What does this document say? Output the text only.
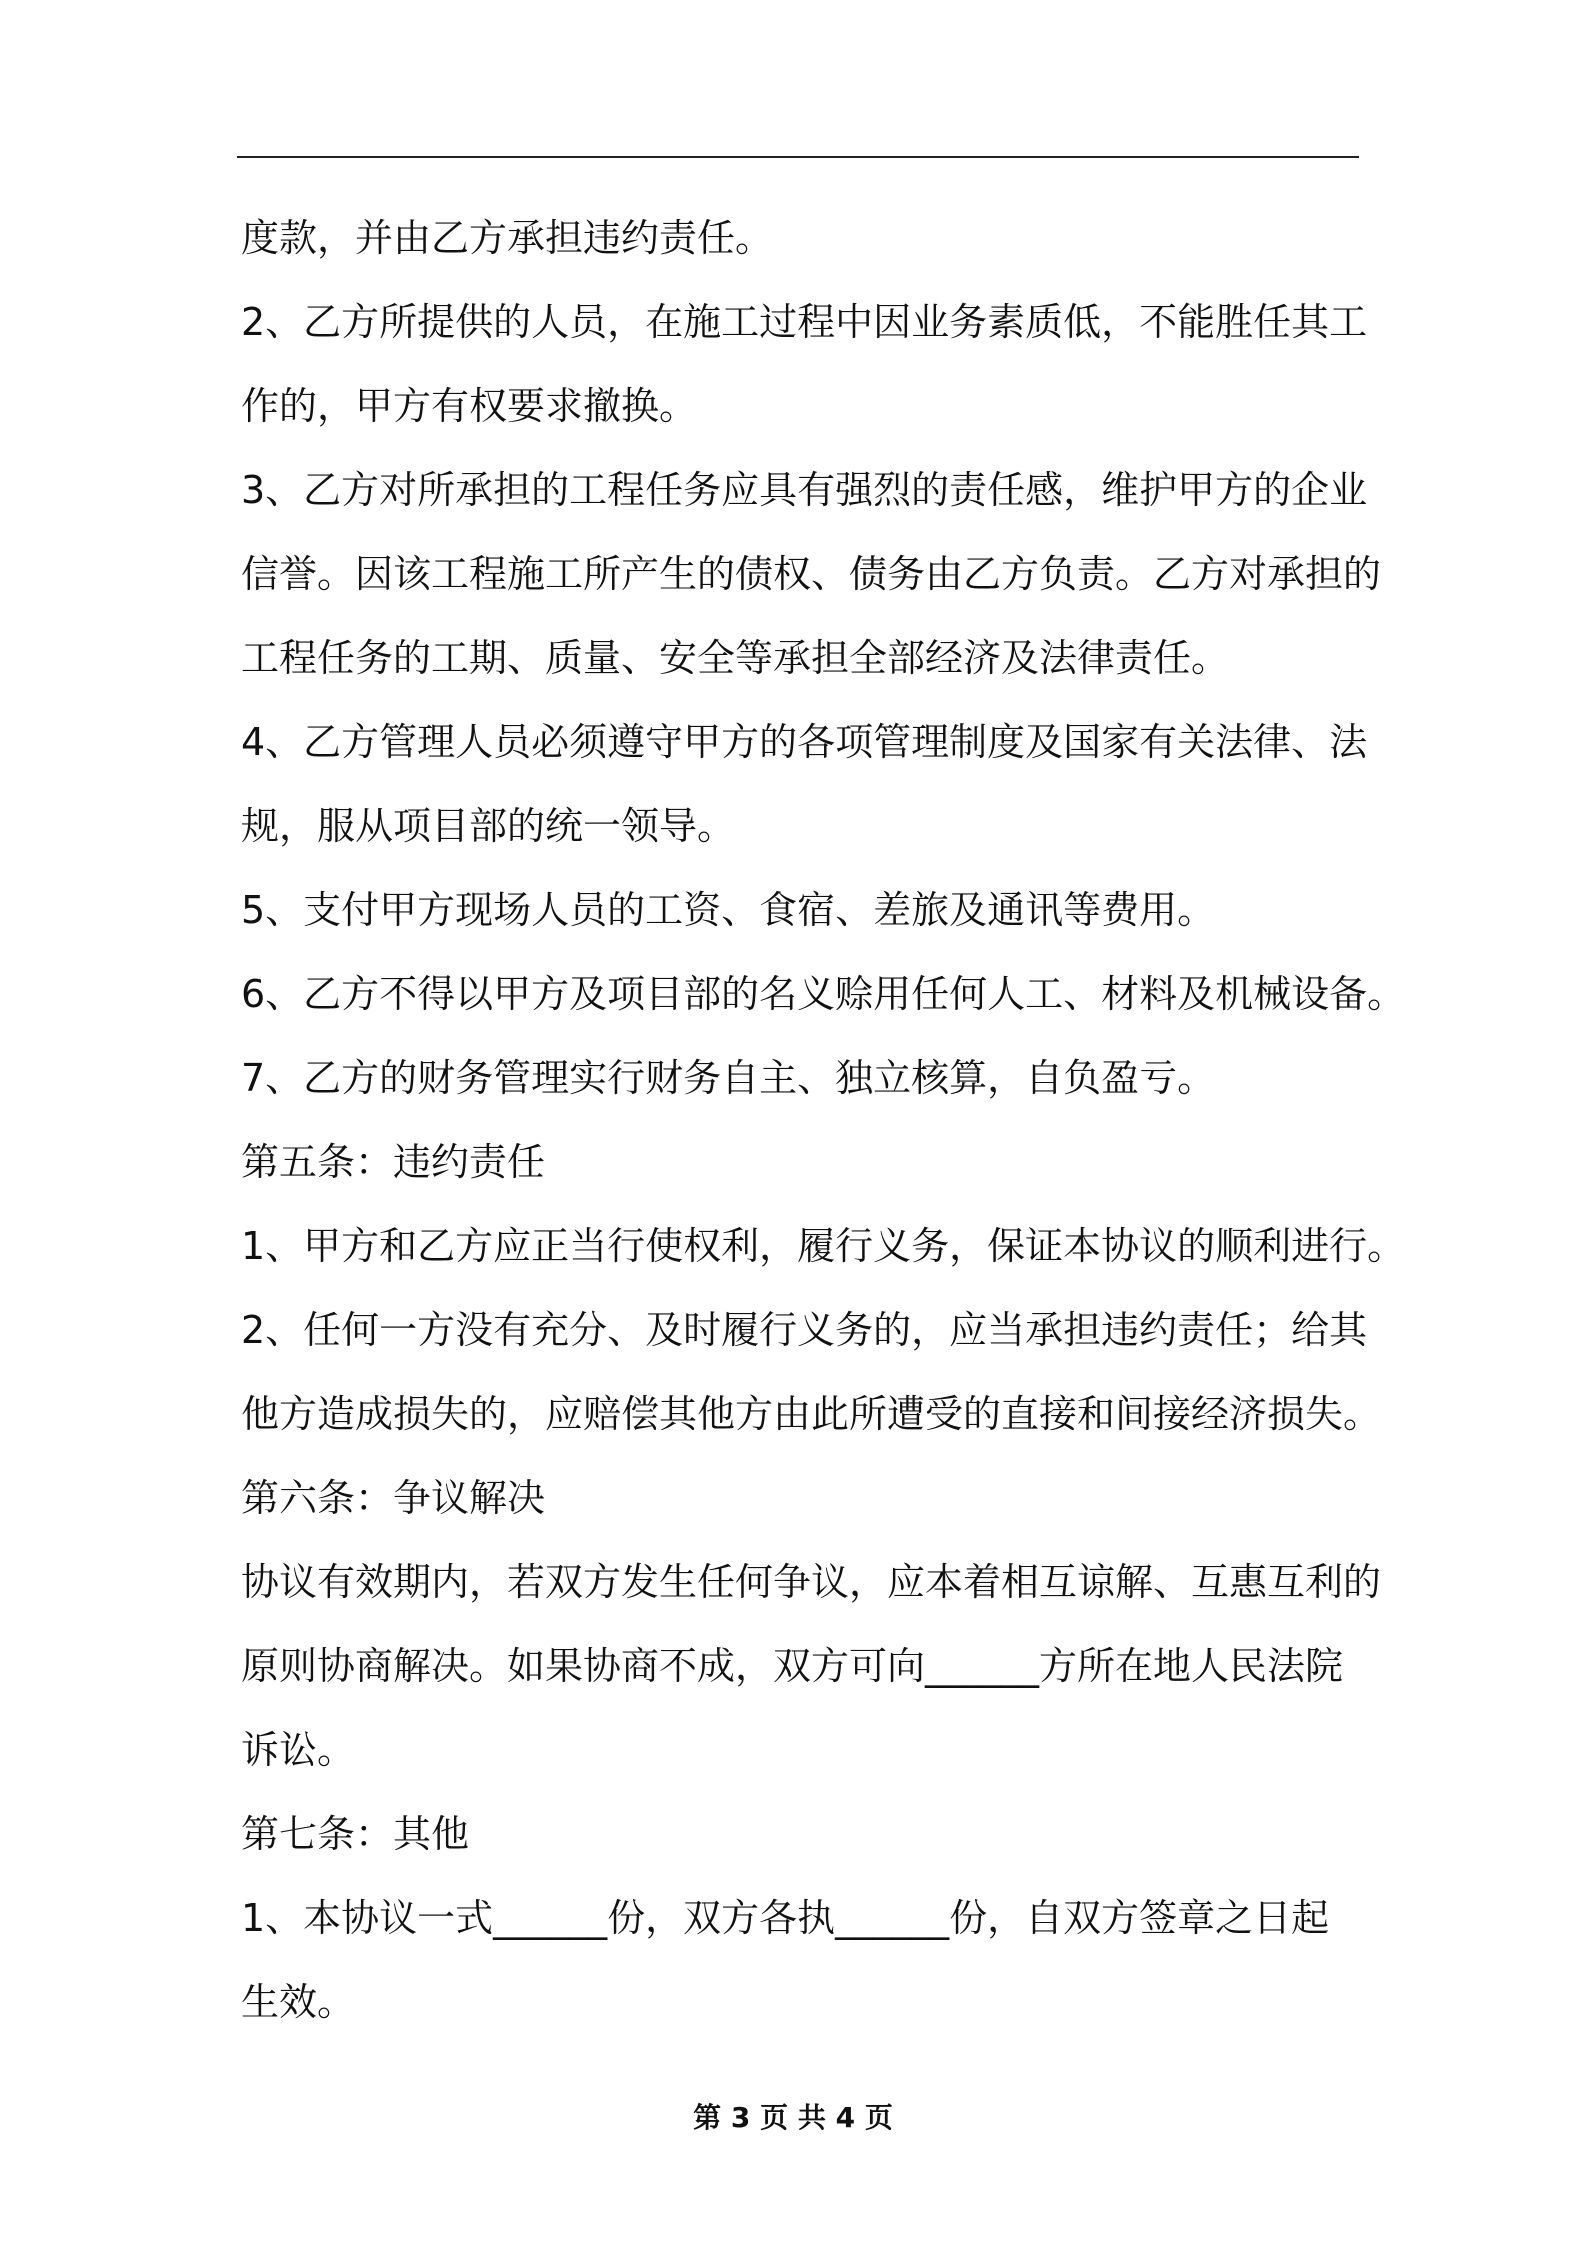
度款，并由乙方承担违约责任。
2、乙方所提供的人员，在施工过程中因业务素质低，不能胜任其工
作的，甲方有权要求撤换。
3、乙方对所承担的工程任务应具有强烈的责任感，维护甲方的企业
信誉。因该工程施工所产生的债权、债务由乙方负责。乙方对承担的
工程任务的工期、质量、安全等承担全部经济及法律责任。
4、乙方管理人员必须遵守甲方的各项管理制度及国家有关法律、法
规，服从项目部的统一领导。
5、支付甲方现场人员的工资、食宿、差旅及通讯等费用。
6、乙方不得以甲方及项目部的名义赊用任何人工、材料及机械设备。
7、乙方的财务管理实行财务自主、独立核算，自负盈亏。
第五条：违约责任
1、甲方和乙方应正当行使权利，履行义务，保证本协议的顺利进行。
2、任何一方没有充分、及时履行义务的，应当承担违约责任；给其
他方造成损失的，应赔偿其他方由此所遭受的直接和间接经济损失。
第六条：争议解决
协议有效期内，若双方发生任何争议，应本着相互谅解、互惠互利的
原则协商解决。如果协商不成，双方可向______方所在地人民法院
诉讼。
第七条：其他
1、本协议一式______份，双方各执______份，自双方签章之日起
生效。
第 3 页 共 4 页
